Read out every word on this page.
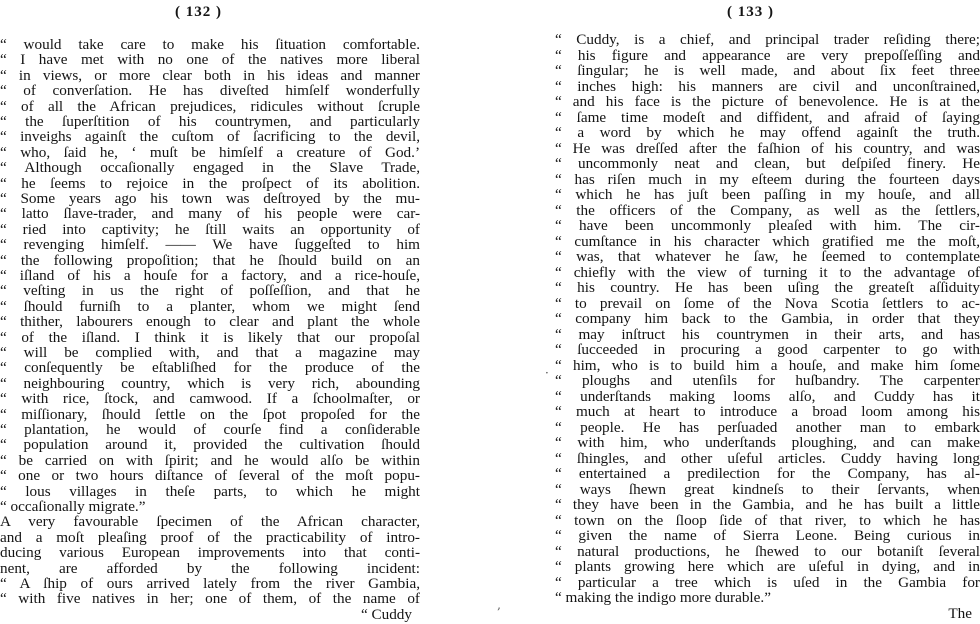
( 132 )
“ would take care to make his ſituation comfortable.
“ I have met with no one of the natives more liberal
“ in views, or more clear both in his ideas and manner
“ of converſation. He has diveſted himſelf wonderfully
“ of all the African prejudices, ridicules without ſcruple
“ the ſuperſtition of his countrymen, and particularly
“ inveighs againſt the cuſtom of ſacrificing to the devil,
“ who, ſaid he, ‘ muſt be himſelf a creature of God.’
“ Although occaſionally engaged in the Slave Trade,
“ he ſeems to rejoice in the proſpect of its abolition.
“ Some years ago his town was deſtroyed by the mu-
“ latto ſlave-trader, and many of his people were car-
“ ried into captivity; he ſtill waits an opportunity of
“ revenging himſelf. —— We have ſuggeſted to him
“ the following propoſition; that he ſhould build on an
“ iſland of his a houſe for a factory, and a rice-houſe,
“ veſting in us the right of poſſeſſion, and that he
“ ſhould furniſh to a planter, whom we might ſend
“ thither, labourers enough to clear and plant the whole
“ of the iſland. I think it is likely that our propoſal
“ will be complied with, and that a magazine may
“ conſequently be eſtabliſhed for the produce of the
“ neighbouring country, which is very rich, abounding
“ with rice, ſtock, and camwood. If a ſchoolmaſter, or
“ miſſionary, ſhould ſettle on the ſpot propoſed for the
“ plantation, he would of courſe find a conſiderable
“ population around it, provided the cultivation ſhould
“ be carried on with ſpirit; and he would alſo be within
“ one or two hours diſtance of ſeveral of the moſt popu-
“ lous villages in theſe parts, to which he might
“ occaſionally migrate.”
A very favourable ſpecimen of the African character,
and a moſt pleaſing proof of the practicability of intro-
ducing various European improvements into that conti-
nent, are afforded by the following incident:
“ A ſhip of ours arrived lately from the river Gambia,
“ with five natives in her; one of them, of the name of
“ Cuddy
( 133 )
“ Cuddy, is a chief, and principal trader reſiding there;
“ his figure and appearance are very prepoſſeſſing and
“ ſingular; he is well made, and about ſix feet three
“ inches high: his manners are civil and unconſtrained,
“ and his face is the picture of benevolence. He is at the
“ ſame time modeſt and diffident, and afraid of ſaying
“ a word by which he may offend againſt the truth.
“ He was dreſſed after the faſhion of his country, and was
“ uncommonly neat and clean, but deſpiſed finery. He
“ has riſen much in my eſteem during the fourteen days
“ which he has juſt been paſſing in my houſe, and all
“ the officers of the Company, as well as the ſettlers,
“ have been uncommonly pleaſed with him. The cir-
“ cumſtance in his character which gratified me the moſt,
“ was, that whatever he ſaw, he ſeemed to contemplate
“ chiefly with the view of turning it to the advantage of
“ his country. He has been uſing the greateſt aſſiduity
“ to prevail on ſome of the Nova Scotia ſettlers to ac-
“ company him back to the Gambia, in order that they
“ may inſtruct his countrymen in their arts, and has
“ ſucceeded in procuring a good carpenter to go with
“ him, who is to build him a houſe, and make him ſome
“ ploughs and utenſils for huſbandry. The carpenter
“ underſtands making looms alſo, and Cuddy has it
“ much at heart to introduce a broad loom among his
“ people. He has perſuaded another man to embark
“ with him, who underſtands ploughing, and can make
“ ſhingles, and other uſeful articles. Cuddy having long
“ entertained a predilection for the Company, has al-
“ ways ſhewn great kindneſs to their ſervants, when
“ they have been in the Gambia, and he has built a little
“ town on the ſloop ſide of that river, to which he has
“ given the name of Sierra Leone. Being curious in
“ natural productions, he ſhewed to our botaniſt ſeveral
“ plants growing here which are uſeful in dying, and in
“ particular a tree which is uſed in the Gambia for
“ making the indigo more durable.”
The
·
‚
